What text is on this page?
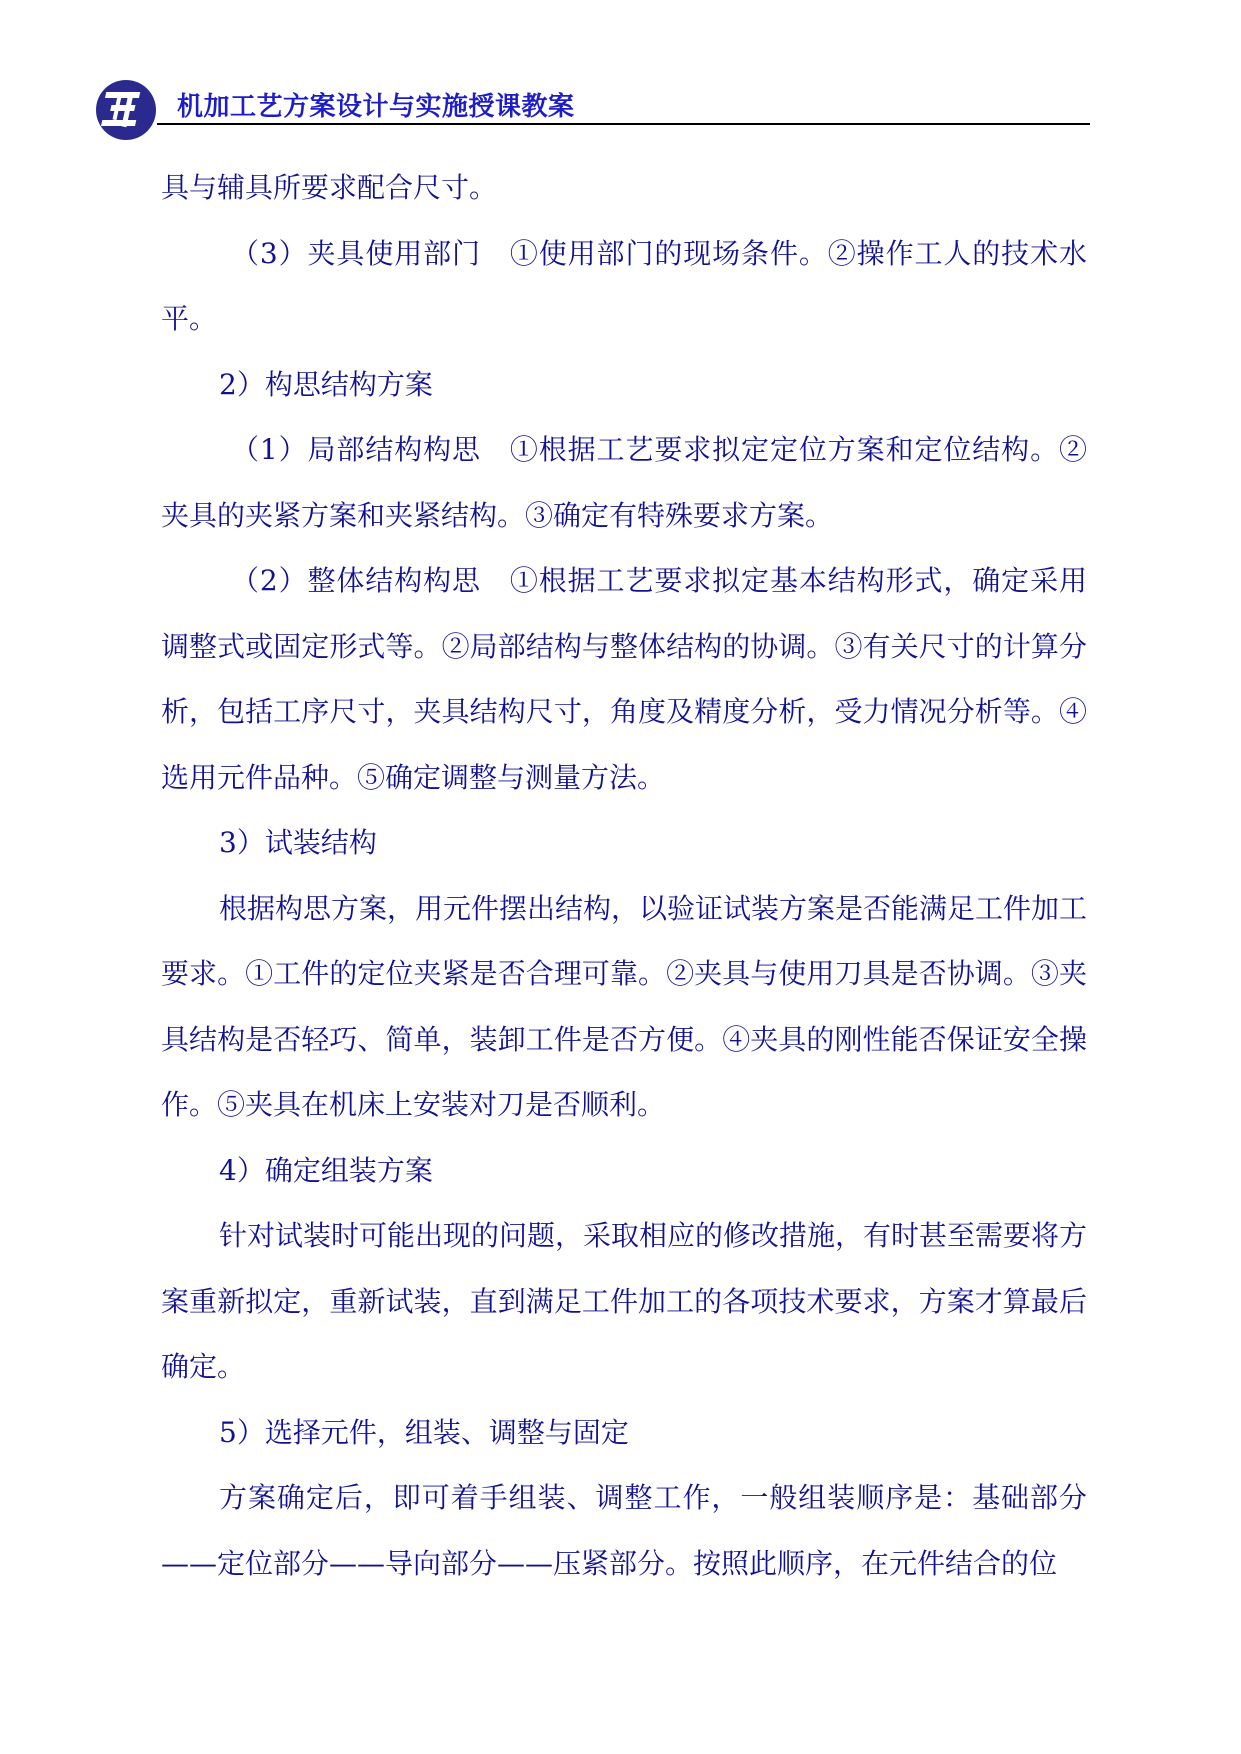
机加工艺方案设计与实施授课教案

具与辅具所要求配合尺寸。

（3）夹具使用部门　①使用部门的现场条件。②操作工人的技术水平。

2）构思结构方案

（1）局部结构构思　①根据工艺要求拟定定位方案和定位结构。②夹具的夹紧方案和夹紧结构。③确定有特殊要求方案。

（2）整体结构构思　①根据工艺要求拟定基本结构形式，确定采用调整式或固定形式等。②局部结构与整体结构的协调。③有关尺寸的计算分析，包括工序尺寸，夹具结构尺寸，角度及精度分析，受力情况分析等。④选用元件品种。⑤确定调整与测量方法。

3）试装结构

根据构思方案，用元件摆出结构，以验证试装方案是否能满足工件加工要求。①工件的定位夹紧是否合理可靠。②夹具与使用刀具是否协调。③夹具结构是否轻巧、简单，装卸工件是否方便。④夹具的刚性能否保证安全操作。⑤夹具在机床上安装对刀是否顺利。

4）确定组装方案

针对试装时可能出现的问题，采取相应的修改措施，有时甚至需要将方案重新拟定，重新试装，直到满足工件加工的各项技术要求，方案才算最后确定。

5）选择元件，组装、调整与固定

方案确定后，即可着手组装、调整工作，一般组装顺序是：基础部分——定位部分——导向部分——压紧部分。按照此顺序，在元件结合的位
